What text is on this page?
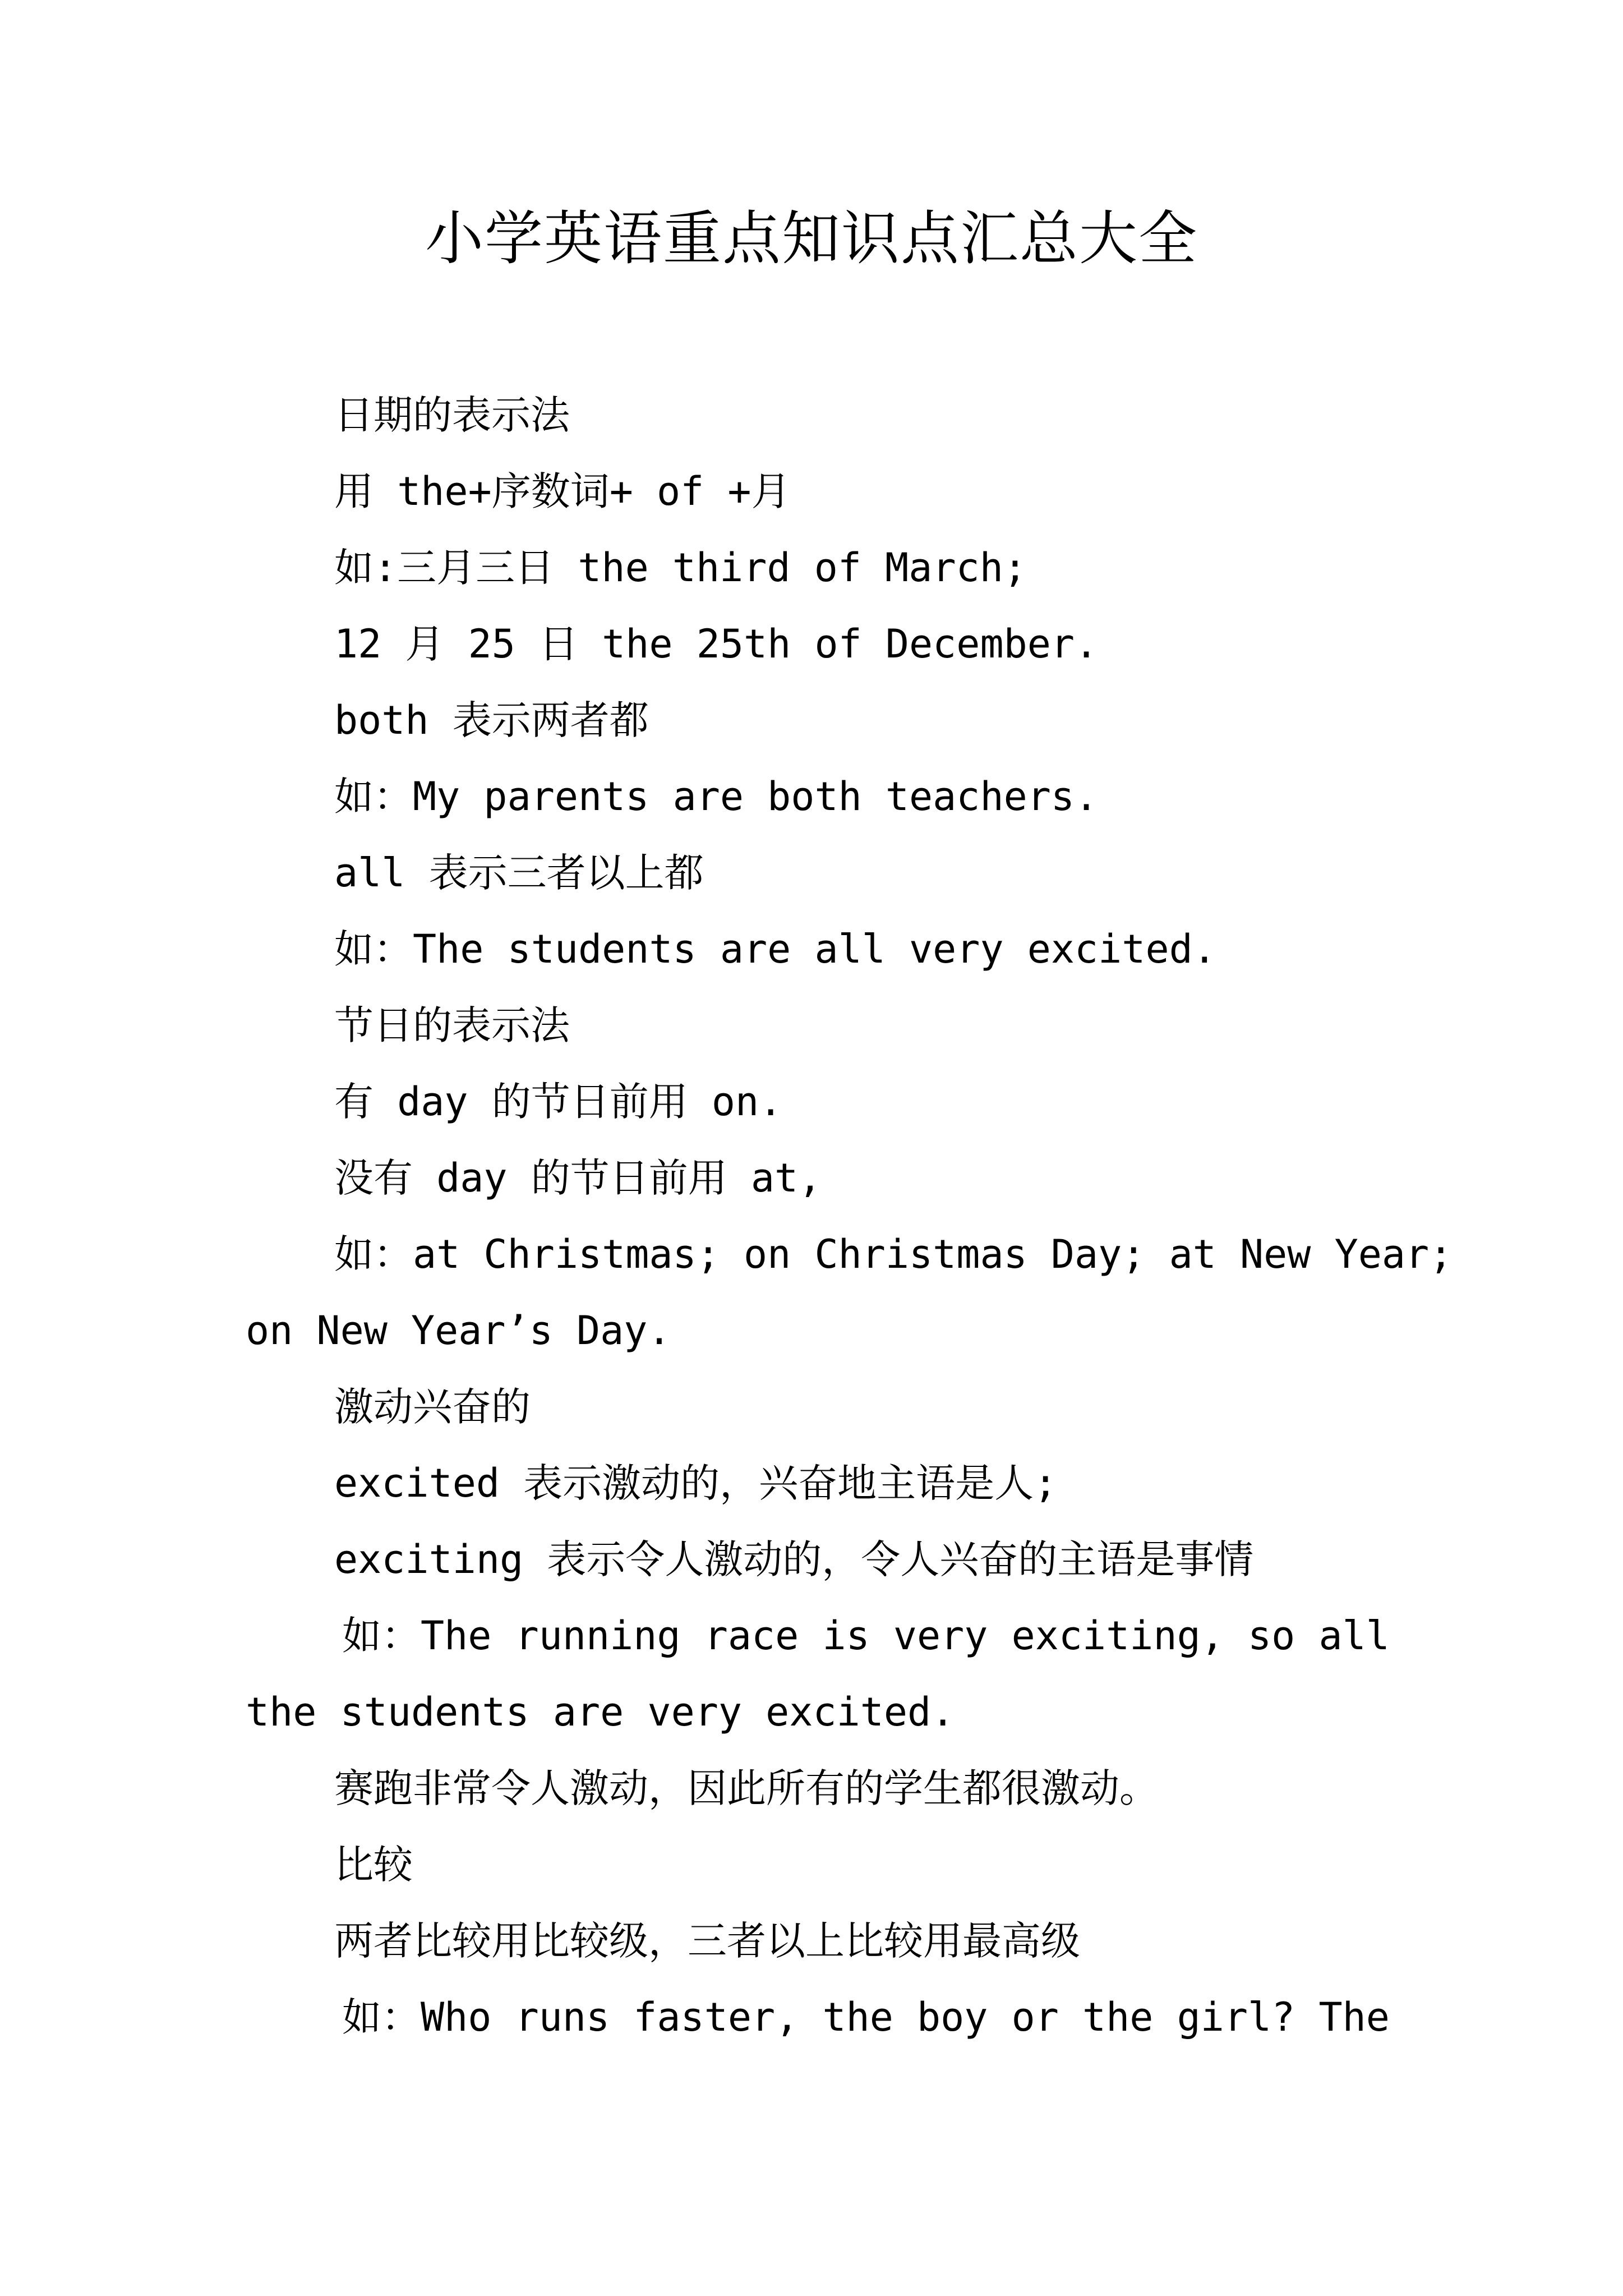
小学英语重点知识点汇总大全
日期的表示法
用 the+序数词+ of +月
如:三月三日 the third of March;
12 月 25 日 the 25th of December.
both 表示两者都
如：My parents are both teachers.
all 表示三者以上都
如：The students are all very excited.
节日的表示法
有 day 的节日前用 on.
没有 day 的节日前用 at,
如：at Christmas; on Christmas Day; at New Year;
on New Year’s Day.
激动兴奋的
excited 表示激动的，兴奋地主语是人;
exciting 表示令人激动的，令人兴奋的主语是事情
如：The running race is very exciting, so all
the students are very excited.
赛跑非常令人激动，因此所有的学生都很激动。
比较
两者比较用比较级，三者以上比较用最高级
如：Who runs faster, the boy or the girl? The
